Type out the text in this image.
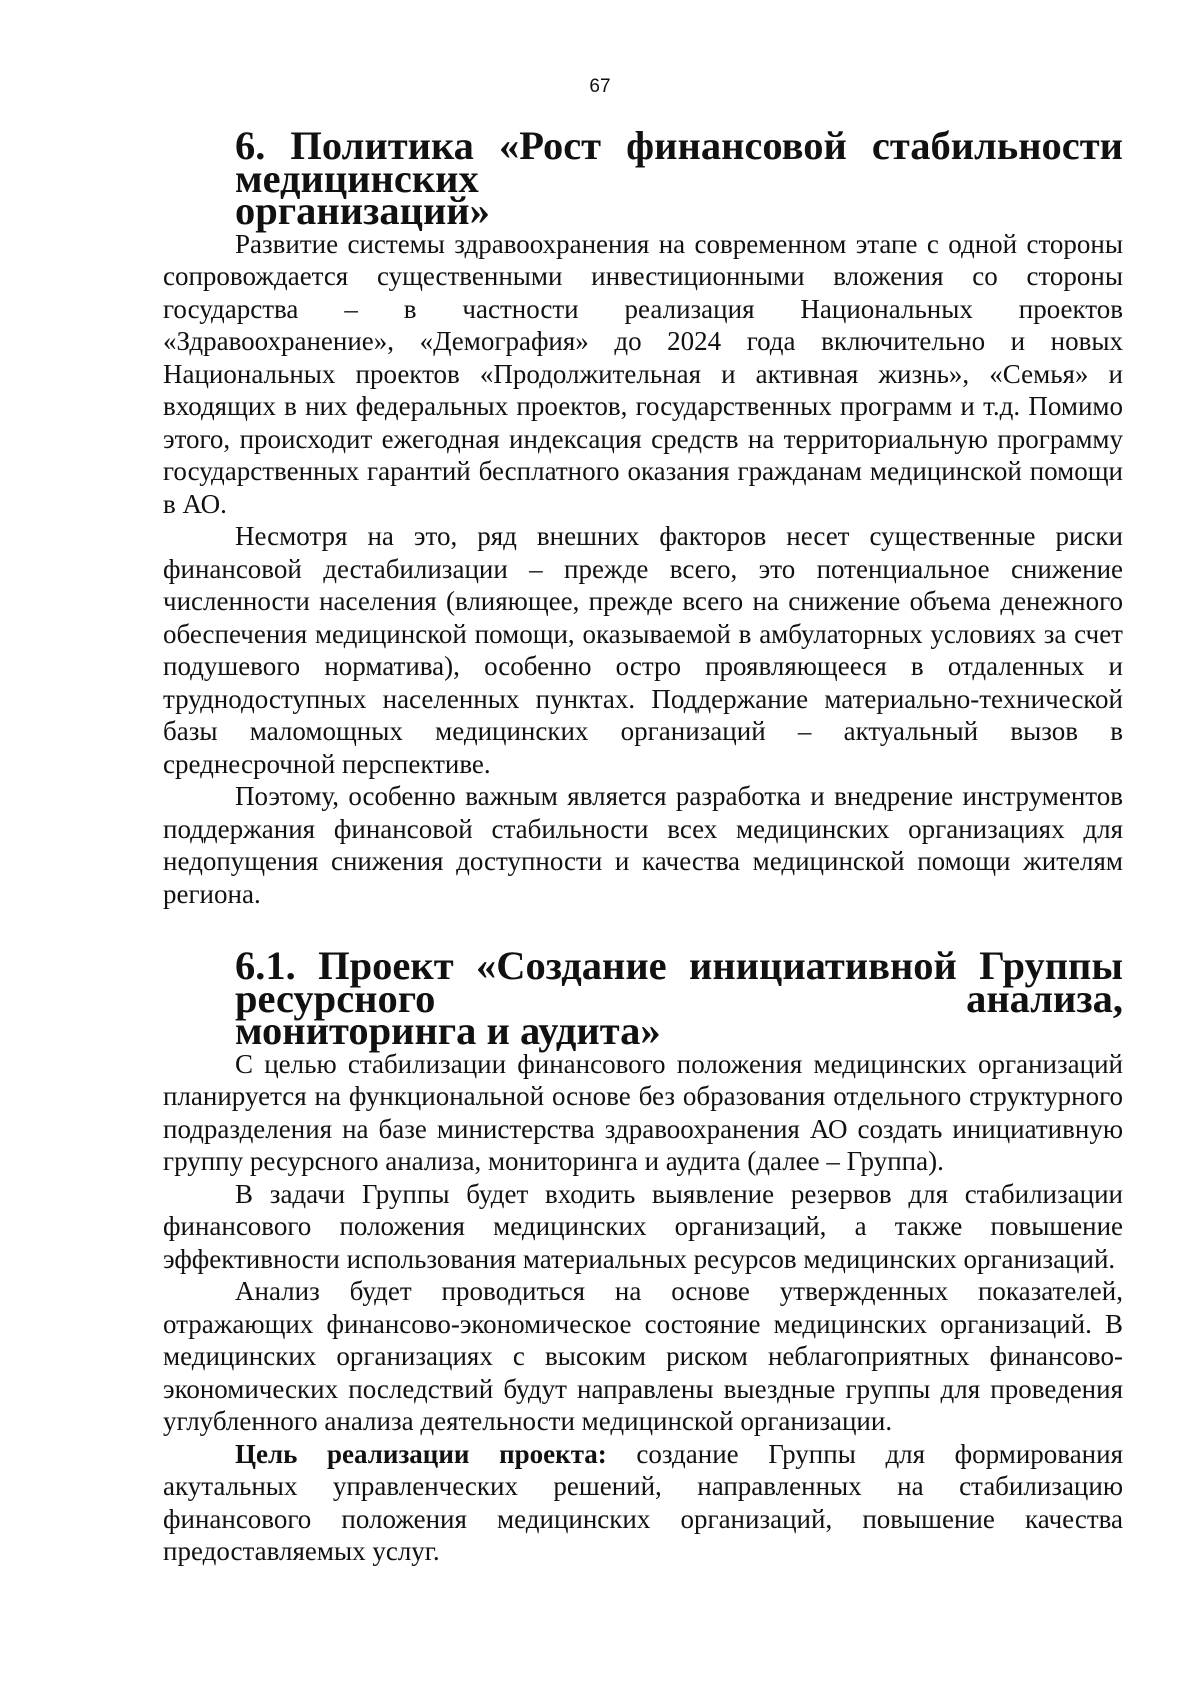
67
6. Политика «Рост финансовой стабильности медицинских
организаций»

Развитие системы здравоохранения на современном этапе с одной стороны сопровождается существенными инвестиционными вложения со стороны государства – в частности реализация Национальных проектов «Здравоохранение», «Демография» до 2024 года включительно и новых Национальных проектов «Продолжительная и активная жизнь», «Семья» и входящих в них федеральных проектов, государственных программ и т.д. Помимо этого, происходит ежегодная индексация средств на территориальную программу государственных гарантий бесплатного оказания гражданам медицинской помощи в АО.

Несмотря на это, ряд внешних факторов несет существенные риски финансовой дестабилизации – прежде всего, это потенциальное снижение численности населения (влияющее, прежде всего на снижение объема денежного обеспечения медицинской помощи, оказываемой в амбулаторных условиях за счет подушевого норматива), особенно остро проявляющееся в отдаленных и труднодоступных населенных пунктах. Поддержание материально-технической базы маломощных медицинских организаций – актуальный вызов в среднесрочной перспективе.

Поэтому, особенно важным является разработка и внедрение инструментов поддержания финансовой стабильности всех медицинских организациях для недопущения снижения доступности и качества медицинской помощи жителям региона.

6.1. Проект «Создание инициативной Группы ресурсного анализа,
мониторинга и аудита»

С целью стабилизации финансового положения медицинских организаций планируется на функциональной основе без образования отдельного структурного подразделения на базе министерства здравоохранения АО создать инициативную группу ресурсного анализа, мониторинга и аудита (далее – Группа).

В задачи Группы будет входить выявление резервов для стабилизации финансового положения медицинских организаций, а также повышение эффективности использования материальных ресурсов медицинских организаций.

Анализ будет проводиться на основе утвержденных показателей, отражающих финансово-экономическое состояние медицинских организаций. В медицинских организациях с высоким риском неблагоприятных финансово-экономических последствий будут направлены выездные группы для проведения углубленного анализа деятельности медицинской организации.

Цель реализации проекта: создание Группы для формирования акутальных управленческих решений, направленных на стабилизацию финансового положения медицинских организаций, повышение качества предоставляемых услуг.
